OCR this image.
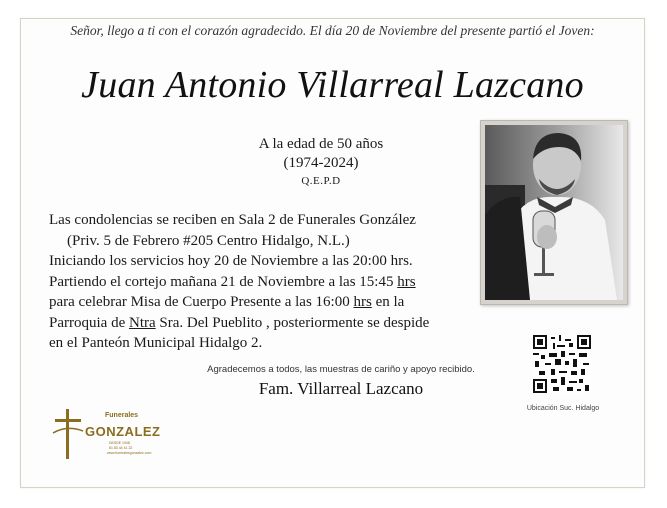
Señor, llego a ti con el corazón agradecido. El día 20 de Noviembre del presente partió el Joven:
Juan Antonio Villarreal Lazcano
A la edad de 50 años
(1974-2024)
Q.E.P.D
Las condolencias se reciben en Sala 2 de Funerales González
(Priv. 5 de Febrero #205 Centro Hidalgo, N.L.)
Iniciando los servicios hoy 20 de Noviembre a las 20:00 hrs.
Partiendo el cortejo mañana 21 de Noviembre a las 15:45 hrs
para celebrar Misa de Cuerpo Presente a las 16:00 hrs en la
Parroquia de Ntra Sra. Del Pueblito , posteriormente se despide
en el Panteón Municipal Hidalgo 2.
Agradecemos a todos, las muestras de cariño y apoyo recibido.
Fam. Villarreal Lazcano
Ubicación Suc. Hidalgo
Funerales
GONZALEZ
DESDE 1948
81 83 44 41 22
www.funeralesgonzalez.com
